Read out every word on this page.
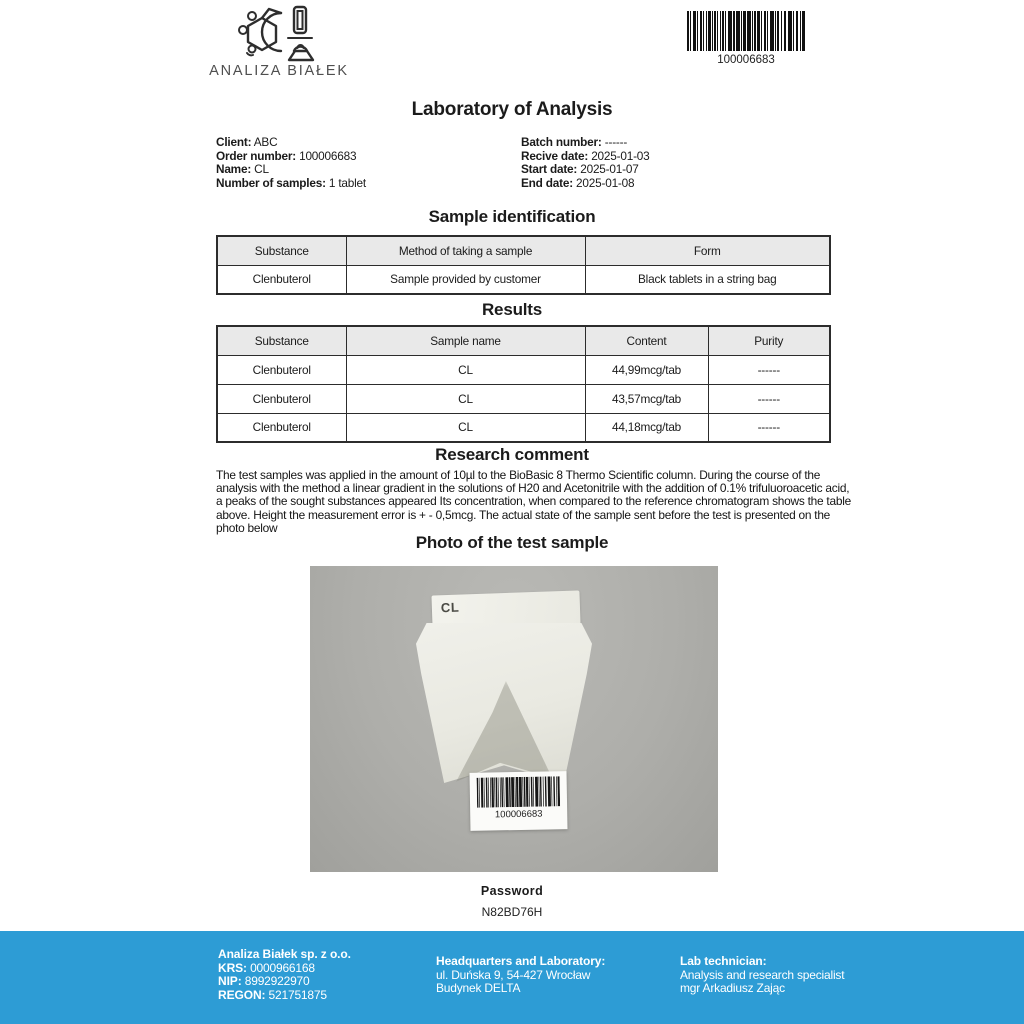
ANALIZA BIAŁEK
100006683
Laboratory of Analysis
Client: ABC
Order number: 100006683
Name: CL
Number of samples: 1 tablet
Batch number: ------
Recive date: 2025-01-03
Start date: 2025-01-07
End date: 2025-01-08
Sample identification
Substance	Method of taking a sample	Form
Clenbuterol	Sample provided by customer	Black tablets in a string bag
Results
Substance	Sample name	Content	Purity
Clenbuterol	CL	44,99mcg/tab	------
Clenbuterol	CL	43,57mcg/tab	------
Clenbuterol	CL	44,18mcg/tab	------
Research comment
The test samples was applied in the amount of 10µl to the BioBasic 8 Thermo Scientific column. During the course of the analysis with the method a linear gradient in the solutions of H20 and Acetonitrile with the addition of 0.1% trifuluoroacetic acid, a peaks of the sought substances appeared Its concentration, when compared to the reference chromatogram shows the table above. Height the measurement error is + - 0,5mcg. The actual state of the sample sent before the test is presented on the photo below
Photo of the test sample
CL
100006683
Password
N82BD76H
Analiza Białek sp. z o.o.
KRS: 0000966168
NIP: 8992922970
REGON: 521751875
Headquarters and Laboratory:
ul. Duńska 9, 54-427 Wrocław
Budynek DELTA
Lab technician:
Analysis and research specialist
mgr Arkadiusz Zając
